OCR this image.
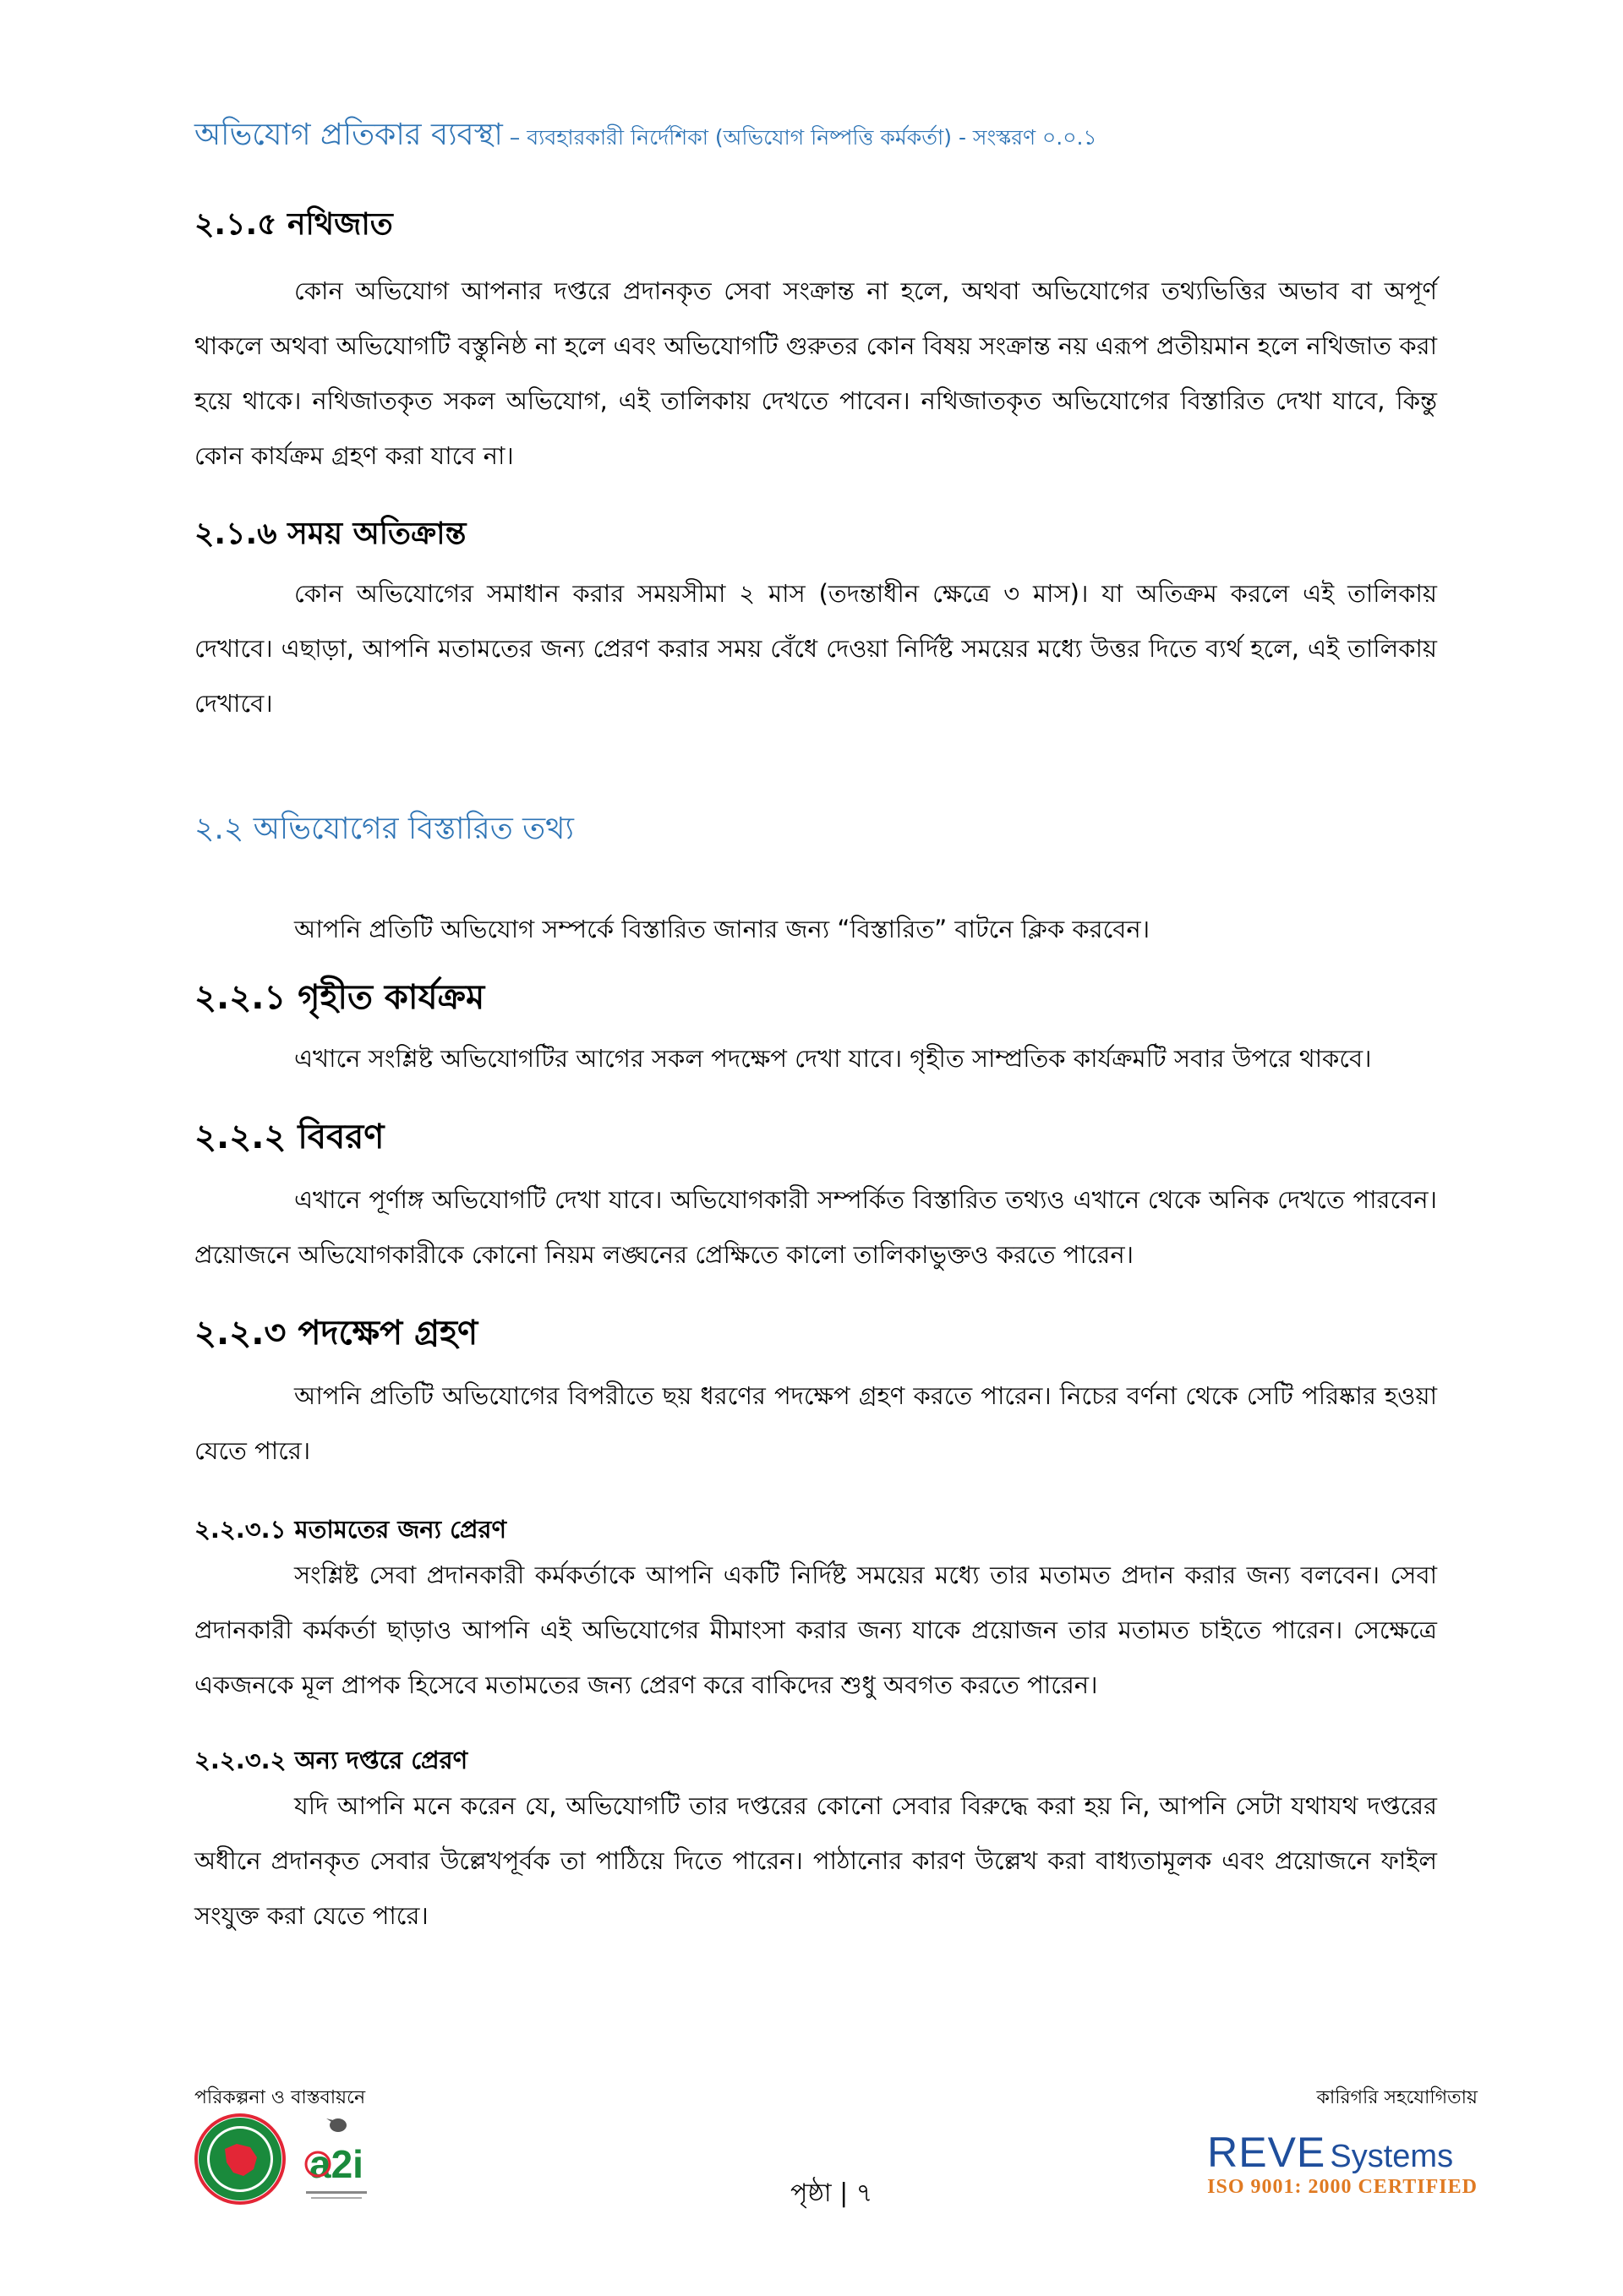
অভিযোগ প্রতিকার ব্যবস্থা – ব্যবহারকারী নির্দেশিকা (অভিযোগ নিষ্পত্তি কর্মকর্তা) - সংস্করণ ০.০.১
২.১.৫ নথিজাত

কোন অভিযোগ আপনার দপ্তরে প্রদানকৃত সেবা সংক্রান্ত না হলে, অথবা অভিযোগের তথ্যভিত্তির অভাব বা অপূর্ণ থাকলে অথবা অভিযোগটি বস্তুনিষ্ঠ না হলে এবং অভিযোগটি গুরুতর কোন বিষয় সংক্রান্ত নয় এরূপ প্রতীয়মান হলে নথিজাত করা হয়ে থাকে। নথিজাতকৃত সকল অভিযোগ, এই তালিকায় দেখতে পাবেন। নথিজাতকৃত অভিযোগের বিস্তারিত দেখা যাবে, কিন্তু কোন কার্যক্রম গ্রহণ করা যাবে না।

২.১.৬ সময় অতিক্রান্ত

কোন অভিযোগের সমাধান করার সময়সীমা ২ মাস (তদন্তাধীন ক্ষেত্রে ৩ মাস)। যা অতিক্রম করলে এই তালিকায় দেখাবে। এছাড়া, আপনি মতামতের জন্য প্রেরণ করার সময় বেঁধে দেওয়া নির্দিষ্ট সময়ের মধ্যে উত্তর দিতে ব্যর্থ হলে, এই তালিকায় দেখাবে।

২.২ অভিযোগের বিস্তারিত তথ্য

আপনি প্রতিটি অভিযোগ সম্পর্কে বিস্তারিত জানার জন্য “বিস্তারিত” বাটনে ক্লিক করবেন।

২.২.১ গৃহীত কার্যক্রম

এখানে সংশ্লিষ্ট অভিযোগটির আগের সকল পদক্ষেপ দেখা যাবে। গৃহীত সাম্প্রতিক কার্যক্রমটি সবার উপরে থাকবে।

২.২.২ বিবরণ

এখানে পূর্ণাঙ্গ অভিযোগটি দেখা যাবে। অভিযোগকারী সম্পর্কিত বিস্তারিত তথ্যও এখানে থেকে অনিক দেখতে পারবেন। প্রয়োজনে অভিযোগকারীকে কোনো নিয়ম লঙ্ঘনের প্রেক্ষিতে কালো তালিকাভুক্তও করতে পারেন।

২.২.৩ পদক্ষেপ গ্রহণ

আপনি প্রতিটি অভিযোগের বিপরীতে ছয় ধরণের পদক্ষেপ গ্রহণ করতে পারেন। নিচের বর্ণনা থেকে সেটি পরিষ্কার হওয়া যেতে পারে।

২.২.৩.১ মতামতের জন্য প্রেরণ

সংশ্লিষ্ট সেবা প্রদানকারী কর্মকর্তাকে আপনি একটি নির্দিষ্ট সময়ের মধ্যে তার মতামত প্রদান করার জন্য বলবেন। সেবা প্রদানকারী কর্মকর্তা ছাড়াও আপনি এই অভিযোগের মীমাংসা করার জন্য যাকে প্রয়োজন তার মতামত চাইতে পারেন। সেক্ষেত্রে একজনকে মূল প্রাপক হিসেবে মতামতের জন্য প্রেরণ করে বাকিদের শুধু অবগত করতে পারেন।

২.২.৩.২ অন্য দপ্তরে প্রেরণ

যদি আপনি মনে করেন যে, অভিযোগটি তার দপ্তরের কোনো সেবার বিরুদ্ধে করা হয় নি, আপনি সেটা যথাযথ দপ্তরের অধীনে প্রদানকৃত সেবার উল্লেখপূর্বক তা পাঠিয়ে দিতে পারেন। পাঠানোর কারণ উল্লেখ করা বাধ্যতামূলক এবং প্রয়োজনে ফাইল সংযুক্ত করা যেতে পারে।

পরিকল্পনা ও বাস্তবায়নে	কারিগরি সহযোগিতায়
a2i
পৃষ্ঠা | ৭
REVE Systems
ISO 9001: 2000 CERTIFIED
